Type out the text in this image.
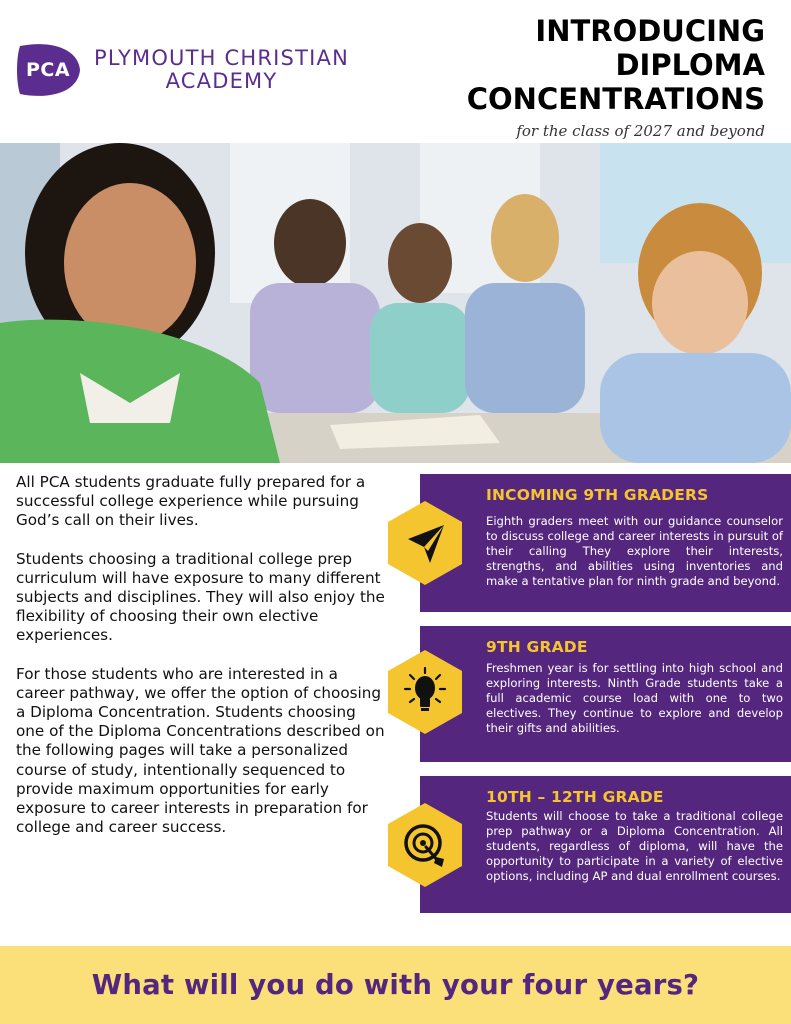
PCA	PLYMOUTH CHRISTIAN
ACADEMY
INTRODUCING
DIPLOMA
CONCENTRATIONS
for the class of 2027 and beyond

All PCA students graduate fully prepared for a successful college experience while pursuing God’s call on their lives.

Students choosing a traditional college prep curriculum will have exposure to many different subjects and disciplines. They will also enjoy the flexibility of choosing their own elective experiences.

For those students who are interested in a career pathway, we offer the option of choosing a Diploma Concentration. Students choosing one of the Diploma Concentrations described on the following pages will take a personalized course of study, intentionally sequenced to provide maximum opportunities for early exposure to career interests in preparation for college and career success.

INCOMING 9TH GRADERS
Eighth graders meet with our guidance counselor to discuss college and career interests in pursuit of their calling They explore their interests, strengths, and abilities using inventories and make a tentative plan for ninth grade and beyond.
9TH GRADE
Freshmen year is for settling into high school and exploring interests. Ninth Grade students take a full academic course load with one to two electives. They continue to explore and develop their gifts and abilities.
10TH – 12TH GRADE
Students will choose to take a traditional college prep pathway or a Diploma Concentration. All students, regardless of diploma, will have the opportunity to participate in a variety of elective options, including AP and dual enrollment courses.
What will you do with your four years?
